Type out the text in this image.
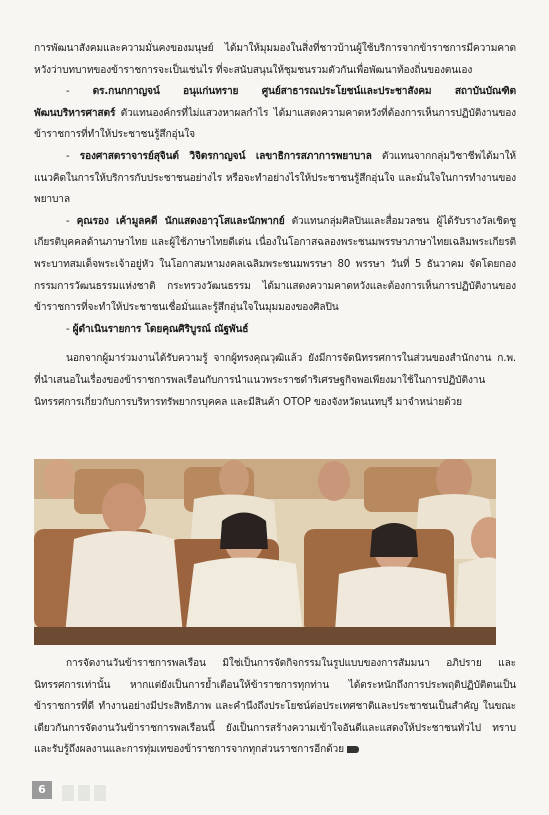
การพัฒนาสังคมและความมั่นคงของมนุษย์ ได้มาให้มุมมองในสิ่งที่ชาวบ้านผู้ใช้บริการจากข้าราชการมีความคาดหวังว่าบทบาทของข้าราชการจะเป็นเช่นไร ที่จะสนับสนุนให้ชุมชนรวมตัวกันเพื่อพัฒนาท้องถิ่นของตนเอง

- ดร.กนกกาญจน์ อนุแก่นทราย ศูนย์สาธารณประโยชน์และประชาสังคม สถาบันบัณฑิตพัฒนบริหารศาสตร์ ตัวแทนองค์กรที่ไม่แสวงหาผลกำไร ได้มาแสดงความคาดหวังที่ต้องการเห็นการปฏิบัติงานของข้าราชการที่ทำให้ประชาชนรู้สึกอุ่นใจ

- รองศาสตราจารย์สุจินต์ วิจิตรกาญจน์ เลขาธิการสภาการพยาบาล ตัวแทนจากกลุ่มวิชาชีพได้มาให้แนวคิดในการให้บริการกับประชาชนอย่างไร หรือจะทำอย่างไรให้ประชาชนรู้สึกอุ่นใจ และมั่นใจในการทำงานของพยาบาล

- คุณรอง เค้ามูลคดี นักแสดงอาวุโสและนักพากย์ ตัวแทนกลุ่มศิลปินและสื่อมวลชน ผู้ได้รับรางวัลเชิดชูเกียรติบุคคลด้านภาษาไทย และผู้ใช้ภาษาไทยดีเด่น เนื่องในโอกาสฉลองพระชนมพรรษาภาษาไทยเฉลิมพระเกียรติพระบาทสมเด็จพระเจ้าอยู่หัว ในโอกาสมหามงคลเฉลิมพระชนมพรรษา 80 พรรษา วันที่ 5 ธันวาคม จัดโดยกองกรรมการวัฒนธรรมแห่งชาติ กระทรวงวัฒนธรรม ได้มาแสดงความคาดหวังและต้องการเห็นการปฏิบัติงานของข้าราชการที่จะทำให้ประชาชนเชื่อมั่นและรู้สึกอุ่นใจในมุมมองของศิลปิน

- ผู้ดำเนินรายการ โดยคุณศิริบูรณ์ ณัฐพันธ์

นอกจากผู้มาร่วมงานได้รับความรู้ จากผู้ทรงคุณวุฒิแล้ว ยังมีการจัดนิทรรศการในส่วนของสำนักงาน ก.พ. ที่นำเสนอในเรื่องของข้าราชการพลเรือนกับการนำแนวพระราชดำริเศรษฐกิจพอเพียงมาใช้ในการปฏิบัติงาน นิทรรศการเกี่ยวกับการบริหารทรัพยากรบุคคล และมีสินค้า OTOP ของจังหวัดนนทบุรี มาจำหน่ายด้วย

การจัดงานวันข้าราชการพลเรือน มิใช่เป็นการจัดกิจกรรมในรูปแบบของการสัมมนา อภิปราย และนิทรรศการเท่านั้น หากแต่ยังเป็นการย้ำเตือนให้ข้าราชการทุกท่าน ได้ตระหนักถึงการประพฤติปฏิบัติตนเป็นข้าราชการที่ดี ทำงานอย่างมีประสิทธิภาพ และคำนึงถึงประโยชน์ต่อประเทศชาติและประชาชนเป็นสำคัญ ในขณะเดียวกันการจัดงานวันข้าราชการพลเรือนนี้ ยังเป็นการสร้างความเข้าใจอันดีและแสดงให้ประชาชนทั่วไป ทราบและรับรู้ถึงผลงานและการทุ่มเทของข้าราชการจากทุกส่วนราชการอีกด้วย

6
